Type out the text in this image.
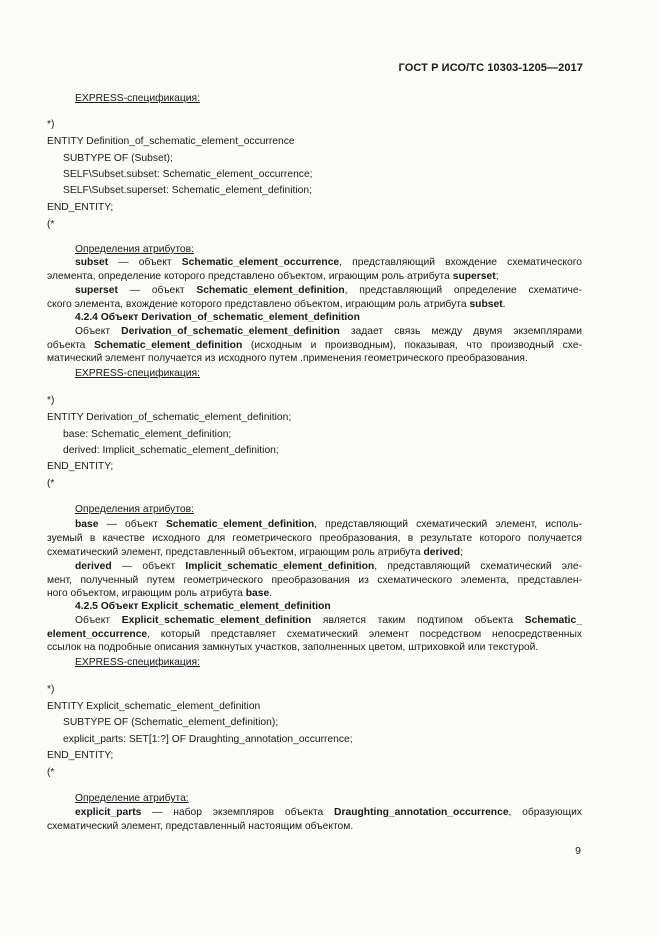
ГОСТ Р ИСО/ТС 10303-1205—2017
EXPRESS-спецификация:
*)
ENTITY Definition_of_schematic_element_occurrence
SUBTYPE OF (Subset);
SELF\Subset.subset: Schematic_element_occurrence;
SELF\Subset.superset: Schematic_element_definition;
END_ENTITY;
(*
Определения атрибутов:
subset — объект Schematic_element_occurrence, представляющий вхождение схематического
элемента, определение которого представлено объектом, играющим роль атрибута superset;
superset — объект Schematic_element_definition, представляющий определение схематиче-
ского элемента, вхождение которого представлено объектом, играющим роль атрибута subset.
4.2.4 Объект Derivation_of_schematic_element_definition
Объект Derivation_of_schematic_element_definition задает связь между двумя экземплярами
объекта Schematic_element_definition (исходным и производным), показывая, что производный схе-
матический элемент получается из исходного путем .применения геометрического преобразования.
EXPRESS-спецификация:
*)
ENTITY Derivation_of_schematic_element_definition;
base: Schematic_element_definition;
derived: Implicit_schematic_element_definition;
END_ENTITY;
(*
Определения атрибутов:
base — объект Schematic_element_definition, представляющий схематический элемент, исполь-
зуемый в качестве исходного для геометрического преобразования, в результате которого получается
схематический элемент, представленный объектом, играющим роль атрибута derived;
derived — объект Implicit_schematic_element_definition, представляющий схематический эле-
мент, полученный путем геометрического преобразования из схематического элемента, представлен-
ного объектом, играющим роль атрибута base.
4.2.5 Объект Explicit_schematic_element_definition
Объект Explicit_schematic_element_definition является таким подтипом объекта Schematic_
element_occurrence, который представляет схематический элемент посредством непосредственных
ссылок на подробные описания замкнутых участков, заполненных цветом, штриховкой или текстурой.
EXPRESS-спецификация:
*)
ENTITY Explicit_schematic_element_definition
SUBTYPE OF (Schematic_element_definition);
explicit_parts: SET[1:?] OF Draughting_annotation_occurrence;
END_ENTITY;
(*
Определение атрибута:
explicit_parts — набор экземпляров объекта Draughting_annotation_occurrence, образующих
схематический элемент, представленный настоящим объектом.
9
